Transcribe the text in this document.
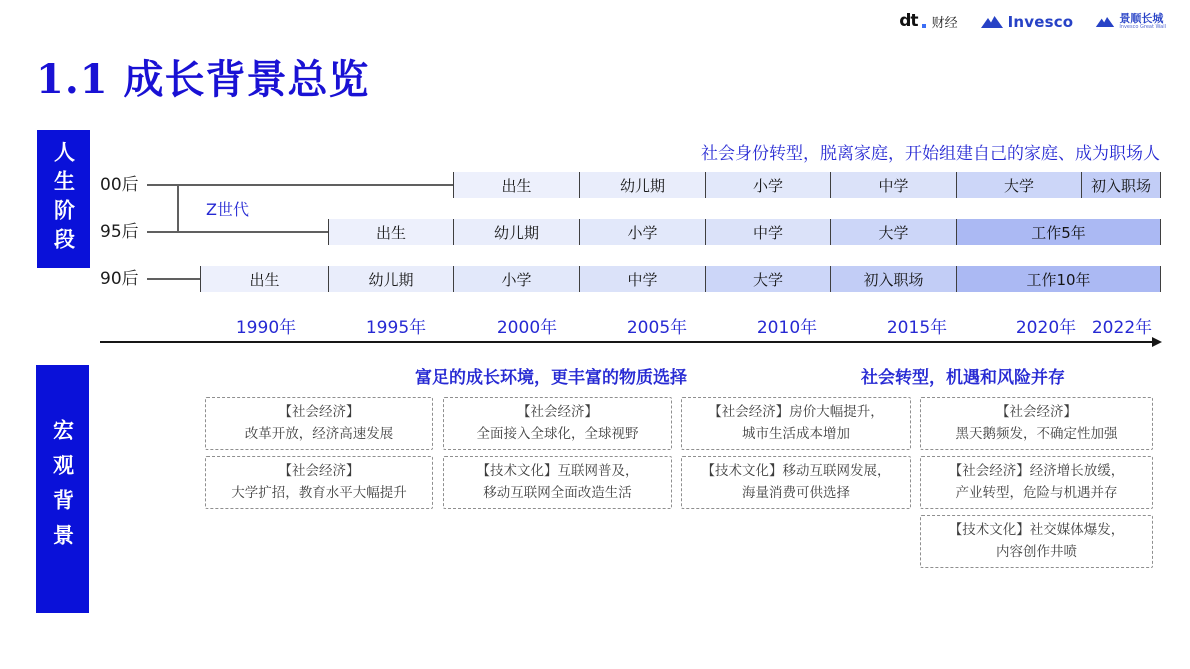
dt 财经	Invesco	景顺长城
Invesco Great Wall
1.1 成长背景总览
人生阶段
宏观背景
社会身份转型，脱离家庭，开始组建自己的家庭、成为职场人
Z世代
00后	出生	幼儿期	小学	中学	大学	初入职场
95后	出生	幼儿期	小学	中学	大学	工作5年
90后	出生	幼儿期	小学	中学	大学	初入职场	工作10年
1990年	1995年	2000年	2005年	2010年	2015年	2020年 2022年
富足的成长环境，更丰富的物质选择	社会转型，机遇和风险并存
【社会经济】
改革开放，经济高速发展
【社会经济】
大学扩招，教育水平大幅提升
【社会经济】
全面接入全球化，全球视野
【技术文化】互联网普及，
移动互联网全面改造生活
【社会经济】房价大幅提升，
城市生活成本增加
【技术文化】移动互联网发展，
海量消费可供选择
【社会经济】
黑天鹅频发，不确定性加强
【社会经济】经济增长放缓，
产业转型，危险与机遇并存
【技术文化】社交媒体爆发，
内容创作井喷
